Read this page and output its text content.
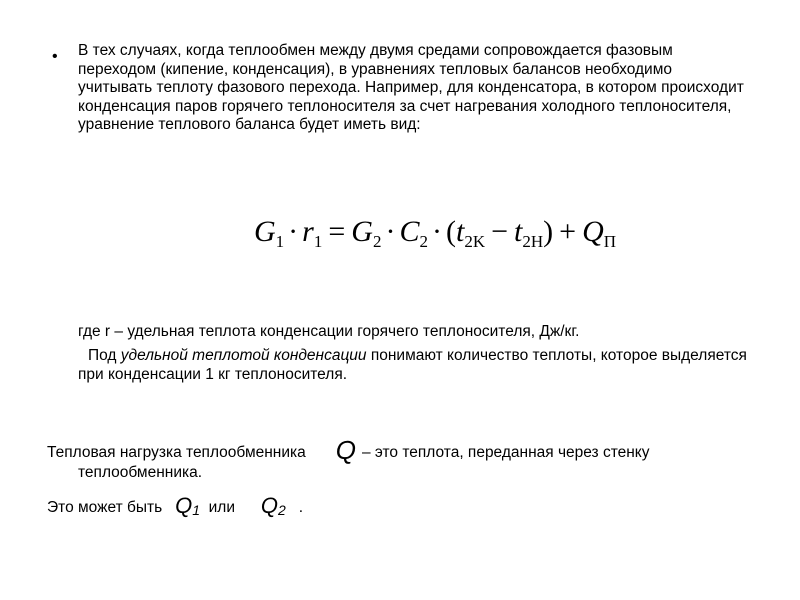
• В тех случаях, когда теплообмен между двумя средами сопровождается фазовым переходом (кипение, конденсация), в уравнениях тепловых балансов необходимо учитывать теплоту фазового перехода. Например, для конденсатора, в котором происходит конденсация паров горячего теплоносителя за счет нагревания холодного теплоносителя, уравнение теплового баланса будет иметь вид:
$G_1 \cdot r_1 = G_2 \cdot C_2 \cdot (t_{2K} - t_{2H}) + Q_П$
где r – удельная теплота конденсации горячего теплоносителя, Дж/кг.
Под удельной теплотой конденсации понимают количество теплоты, которое выделяется при конденсации 1 кг теплоносителя.
Тепловая нагрузка теплообменника Q – это теплота, переданная через стенку
теплообменника.
Это может быть $Q_1$ или $Q_2$ .
